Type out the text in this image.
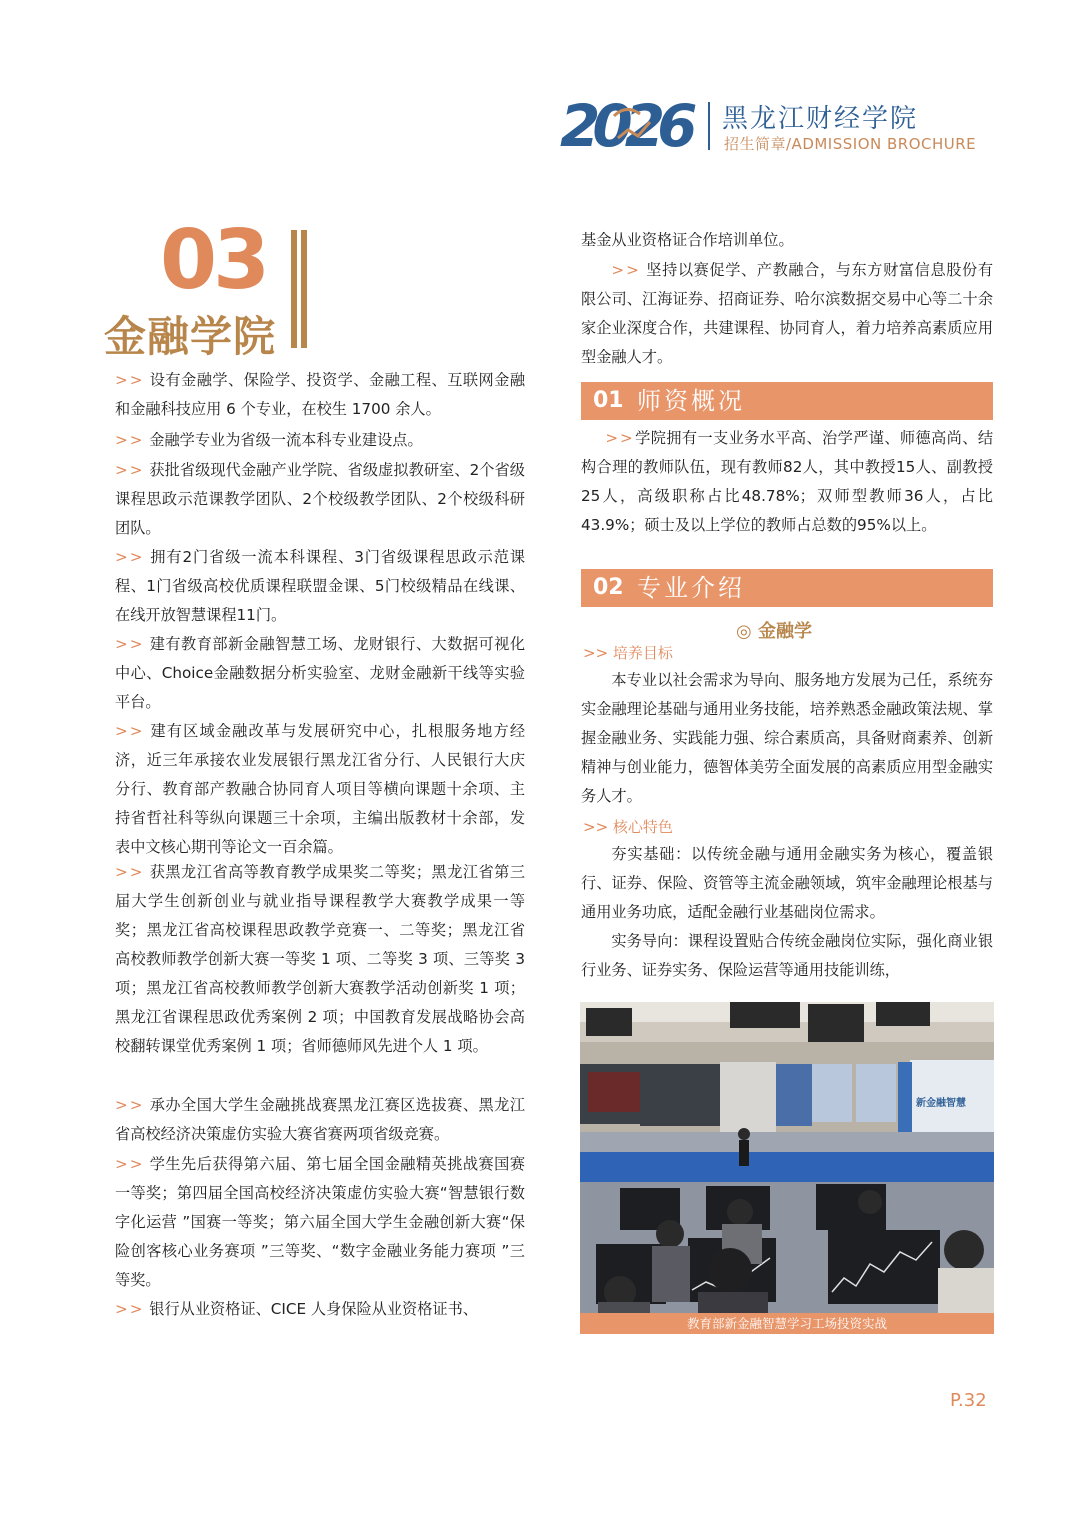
2026 黑龙江财经学院
招生简章/ADMISSION BROCHURE
03
金融学院
>> 设有金融学、保险学、投资学、金融工程、互联网金融和金融科技应用 6 个专业，在校生 1700 余人。
>> 金融学专业为省级一流本科专业建设点。
>> 获批省级现代金融产业学院、省级虚拟教研室、2个省级课程思政示范课教学团队、2个校级教学团队、2个校级科研团队。
>> 拥有2门省级一流本科课程、3门省级课程思政示范课程、1门省级高校优质课程联盟金课、5门校级精品在线课、在线开放智慧课程11门。
>> 建有教育部新金融智慧工场、龙财银行、大数据可视化中心、Choice金融数据分析实验室、龙财金融新干线等实验平台。
>> 建有区域金融改革与发展研究中心，扎根服务地方经济，近三年承接农业发展银行黑龙江省分行、人民银行大庆分行、教育部产教融合协同育人项目等横向课题十余项、主持省哲社科等纵向课题三十余项，主编出版教材十余部，发表中文核心期刊等论文一百余篇。
>> 获黑龙江省高等教育教学成果奖二等奖；黑龙江省第三届大学生创新创业与就业指导课程教学大赛教学成果一等奖；黑龙江省高校课程思政教学竞赛一、二等奖；黑龙江省高校教师教学创新大赛一等奖 1 项、二等奖 3 项、三等奖 3 项；黑龙江省高校教师教学创新大赛教学活动创新奖 1 项；黑龙江省课程思政优秀案例 2 项；中国教育发展战略协会高校翻转课堂优秀案例 1 项；省师德师风先进个人 1 项。
>> 承办全国大学生金融挑战赛黑龙江赛区选拔赛、黑龙江省高校经济决策虚仿实验大赛省赛两项省级竞赛。
>> 学生先后获得第六届、第七届全国金融精英挑战赛国赛一等奖；第四届全国高校经济决策虚仿实验大赛“智慧银行数字化运营 ”国赛一等奖；第六届全国大学生金融创新大赛“保险创客核心业务赛项 ”三等奖、“数字金融业务能力赛项 ”三等奖。
>> 银行从业资格证、CICE 人身保险从业资格证书、
基金从业资格证合作培训单位。
>> 坚持以赛促学、产教融合，与东方财富信息股份有限公司、江海证券、招商证券、哈尔滨数据交易中心等二十余家企业深度合作，共建课程、协同育人，着力培养高素质应用型金融人才。
01 师资概况
>>学院拥有一支业务水平高、治学严谨、师德高尚、结构合理的教师队伍，现有教师82人，其中教授15人、副教授25人，高级职称占比48.78%；双师型教师36人，占比43.9%；硕士及以上学位的教师占总数的95%以上。
02 专业介绍
◎ 金融学
>> 培养目标
本专业以社会需求为导向、服务地方发展为己任，系统夯实金融理论基础与通用业务技能，培养熟悉金融政策法规、掌握金融业务、实践能力强、综合素质高，具备财商素养、创新精神与创业能力，德智体美劳全面发展的高素质应用型金融实务人才。
>> 核心特色
夯实基础：以传统金融与通用金融实务为核心，覆盖银行、证券、保险、资管等主流金融领域，筑牢金融理论根基与通用业务功底，适配金融行业基础岗位需求。
实务导向：课程设置贴合传统金融岗位实际，强化商业银行业务、证券实务、保险运营等通用技能训练，
新金融智慧
教育部新金融智慧学习工场投资实战
P.32
